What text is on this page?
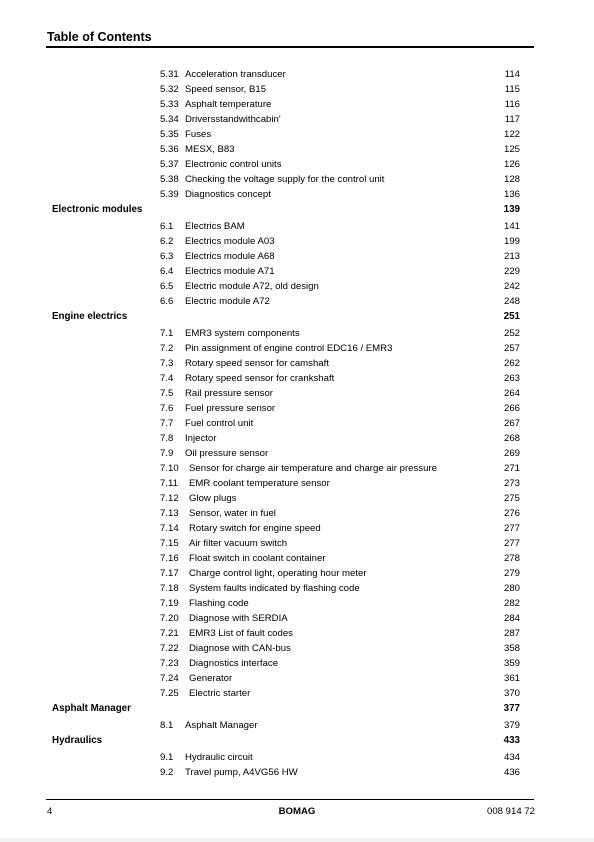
Table of Contents
5.31 Acceleration transducer	114
5.32 Speed sensor, B15	115
5.33 Asphalt temperature	116
5.34 Driversstandwithcabin'	117
5.35 Fuses	122
5.36 MESX, B83	125
5.37 Electronic control units	126
5.38 Checking the voltage supply for the control unit	128
5.39 Diagnostics concept	136
Electronic modules	139
6.1 Electrics BAM	141
6.2 Electrics module A03	199
6.3 Electrics module A68	213
6.4 Electrics module A71	229
6.5 Electric module A72, old design	242
6.6 Electric module A72	248
Engine electrics	251
7.1 EMR3 system components	252
7.2 Pin assignment of engine control EDC16 / EMR3	257
7.3 Rotary speed sensor for camshaft	262
7.4 Rotary speed sensor for crankshaft	263
7.5 Rail pressure sensor	264
7.6 Fuel pressure sensor	266
7.7 Fuel control unit	267
7.8 Injector	268
7.9 Oil pressure sensor	269
7.10 Sensor for charge air temperature and charge air pressure	271
7.11 EMR coolant temperature sensor	273
7.12 Glow plugs	275
7.13 Sensor, water in fuel	276
7.14 Rotary switch for engine speed	277
7.15 Air filter vacuum switch	277
7.16 Float switch in coolant container	278
7.17 Charge control light, operating hour meter	279
7.18 System faults indicated by flashing code	280
7.19 Flashing code	282
7.20 Diagnose with SERDIA	284
7.21 EMR3 List of fault codes	287
7.22 Diagnose with CAN-bus	358
7.23 Diagnostics interface	359
7.24 Generator	361
7.25 Electric starter	370
Asphalt Manager	377
8.1 Asphalt Manager	379
Hydraulics	433
9.1 Hydraulic circuit	434
9.2 Travel pump, A4VG56 HW	436
4	BOMAG	008 914 72
